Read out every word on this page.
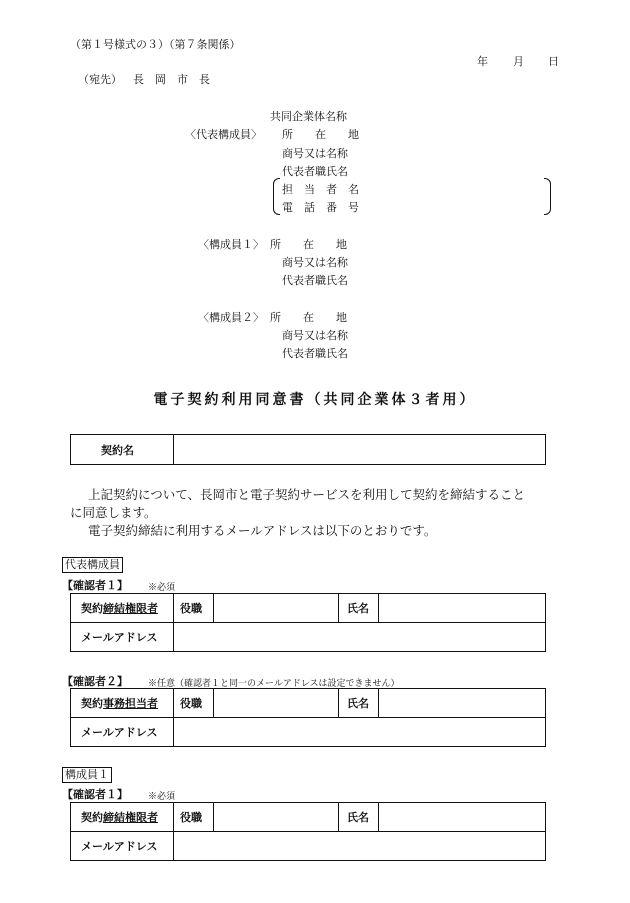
（第１号様式の３）（第７条関係）
年 月 日
（宛先） 長　岡　市　長
共同企業体名称
〈代表構成員〉 所　　在　　地
商号又は名称
代表者職氏名
担　当　者　名
電　話　番　号
〈構成員１〉 所　　在　　地
商号又は名称
代表者職氏名
〈構成員２〉 所　　在　　地
商号又は名称
代表者職氏名
電子契約利用同意書（共同企業体３者用）
契約名	
上記契約について、長岡市と電子契約サービスを利用して契約を締結すること
に同意します。
電子契約締結に利用するメールアドレスは以下のとおりです。
代表構成員
【確認者１】 ※必須
契約締結権限者	役職		氏名	
メールアドレス				
【確認者２】 ※任意（確認者１と同一のメールアドレスは設定できません）
契約事務担当者	役職		氏名	
メールアドレス				
構成員１
【確認者１】 ※必須
契約締結権限者	役職		氏名	
メールアドレス				
